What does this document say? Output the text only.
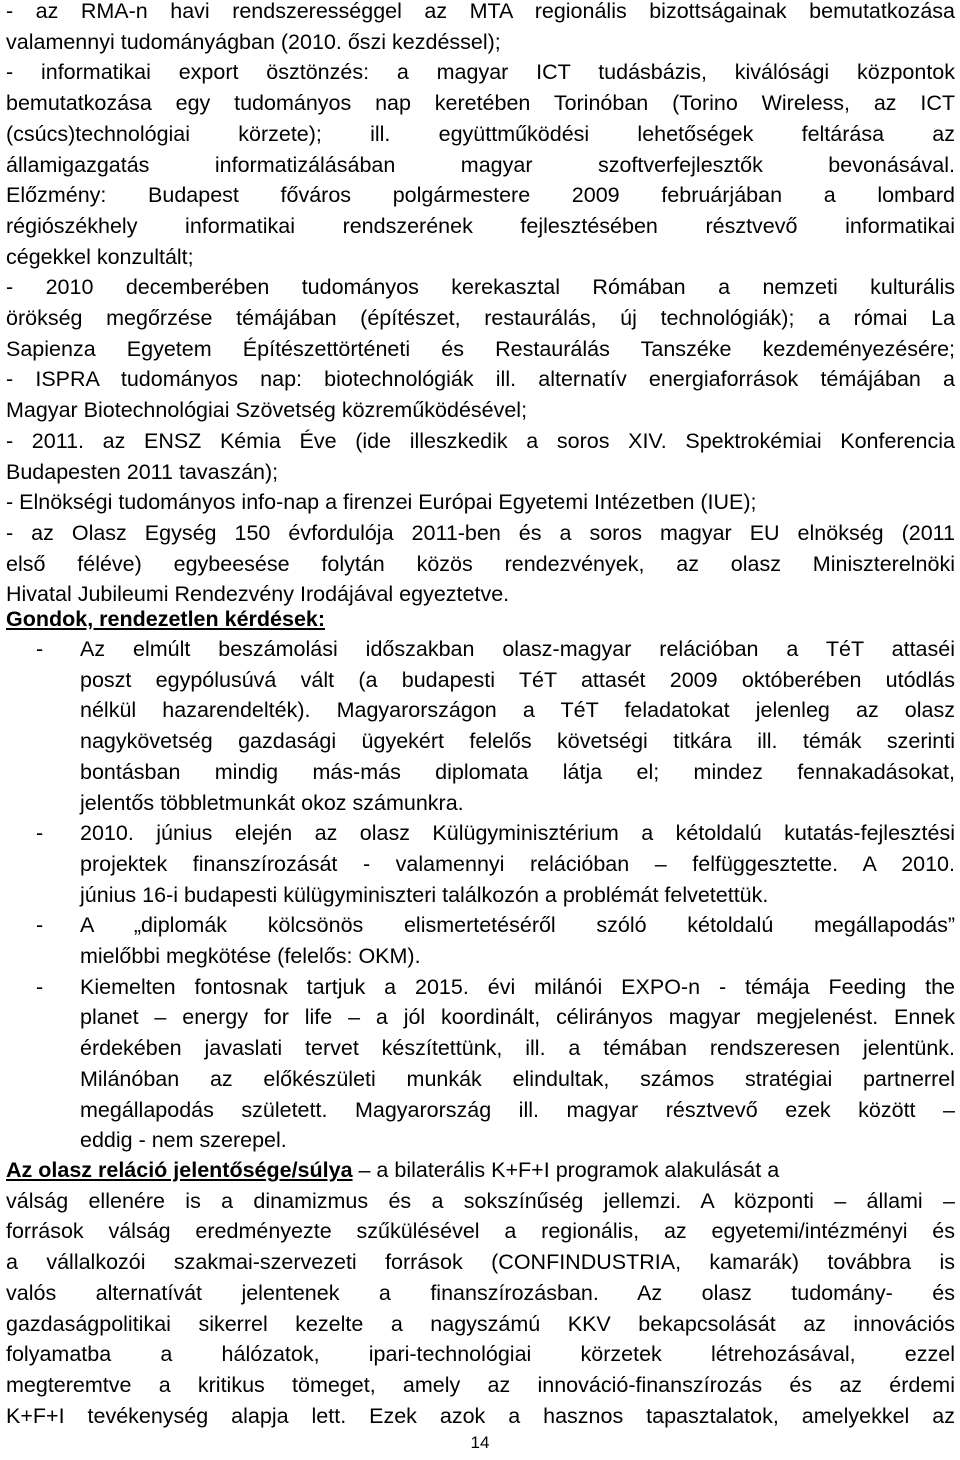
- az RMA-n havi rendszerességgel az MTA regionális bizottságainak bemutatkozása
valamennyi tudományágban (2010. őszi kezdéssel);
- informatikai export ösztönzés: a magyar ICT tudásbázis, kiválósági központok
bemutatkozása egy tudományos nap keretében Torinóban (Torino Wireless, az ICT
(csúcs)technológiai körzete); ill. együttműködési lehetőségek feltárása az
államigazgatás informatizálásában magyar szoftverfejlesztők bevonásával.
Előzmény: Budapest főváros polgármestere 2009 februárjában a lombard
régiószékhely informatikai rendszerének fejlesztésében résztvevő informatikai
cégekkel konzultált;
- 2010 decemberében tudományos kerekasztal Rómában a nemzeti kulturális
örökség megőrzése témájában (építészet, restaurálás, új technológiák); a római La
Sapienza Egyetem Építészettörténeti és Restaurálás Tanszéke kezdeményezésére;
- ISPRA tudományos nap: biotechnológiák ill. alternatív energiaforrások témájában a
Magyar Biotechnológiai Szövetség közreműködésével;
- 2011. az ENSZ Kémia Éve (ide illeszkedik a soros XIV. Spektrokémiai Konferencia
Budapesten 2011 tavaszán);
- Elnökségi tudományos info-nap a firenzei Európai Egyetemi Intézetben (IUE);
- az Olasz Egység 150 évfordulója 2011-ben és a soros magyar EU elnökség (2011
első féléve) egybeesése folytán közös rendezvények, az olasz Miniszterelnöki
Hivatal Jubileumi Rendezvény Irodájával egyeztetve.
Gondok, rendezetlen kérdések:
- Az elmúlt beszámolási időszakban olasz-magyar relációban a TéT attaséi
poszt egypólusúvá vált (a budapesti TéT attasét 2009 októberében utódlás
nélkül hazarendelték). Magyarországon a TéT feladatokat jelenleg az olasz
nagykövetség gazdasági ügyekért felelős követségi titkára ill. témák szerinti
bontásban mindig más-más diplomata látja el; mindez fennakadásokat,
jelentős többletmunkát okoz számunkra.
- 2010. június elején az olasz Külügyminisztérium a kétoldalú kutatás-fejlesztési
projektek finanszírozását - valamennyi relációban – felfüggesztette. A 2010.
június 16-i budapesti külügyminiszteri találkozón a problémát felvetettük.
- A „diplomák kölcsönös elismertetéséről szóló kétoldalú megállapodás”
mielőbbi megkötése (felelős: OKM).
- Kiemelten fontosnak tartjuk a 2015. évi milánói EXPO-n - témája Feeding the
planet – energy for life – a jól koordinált, célirányos magyar megjelenést. Ennek
érdekében javaslati tervet készítettünk, ill. a témában rendszeresen jelentünk.
Milánóban az előkészületi munkák elindultak, számos stratégiai partnerrel
megállapodás született. Magyarország ill. magyar résztvevő ezek között –
eddig - nem szerepel.
Az olasz reláció jelentősége/súlya – a bilaterális K+F+I programok alakulását a
válság ellenére is a dinamizmus és a sokszínűség jellemzi. A központi – állami –
források válság eredményezte szűkülésével a regionális, az egyetemi/intézményi és
a vállalkozói szakmai-szervezeti források (CONFINDUSTRIA, kamarák) továbbra is
valós alternatívát jelentenek a finanszírozásban. Az olasz tudomány- és
gazdaságpolitikai sikerrel kezelte a nagyszámú KKV bekapcsolását az innovációs
folyamatba a hálózatok, ipari-technológiai körzetek létrehozásával, ezzel
megteremtve a kritikus tömeget, amely az innováció-finanszírozás és az érdemi
K+F+I tevékenység alapja lett. Ezek azok a hasznos tapasztalatok, amelyekkel az
14
